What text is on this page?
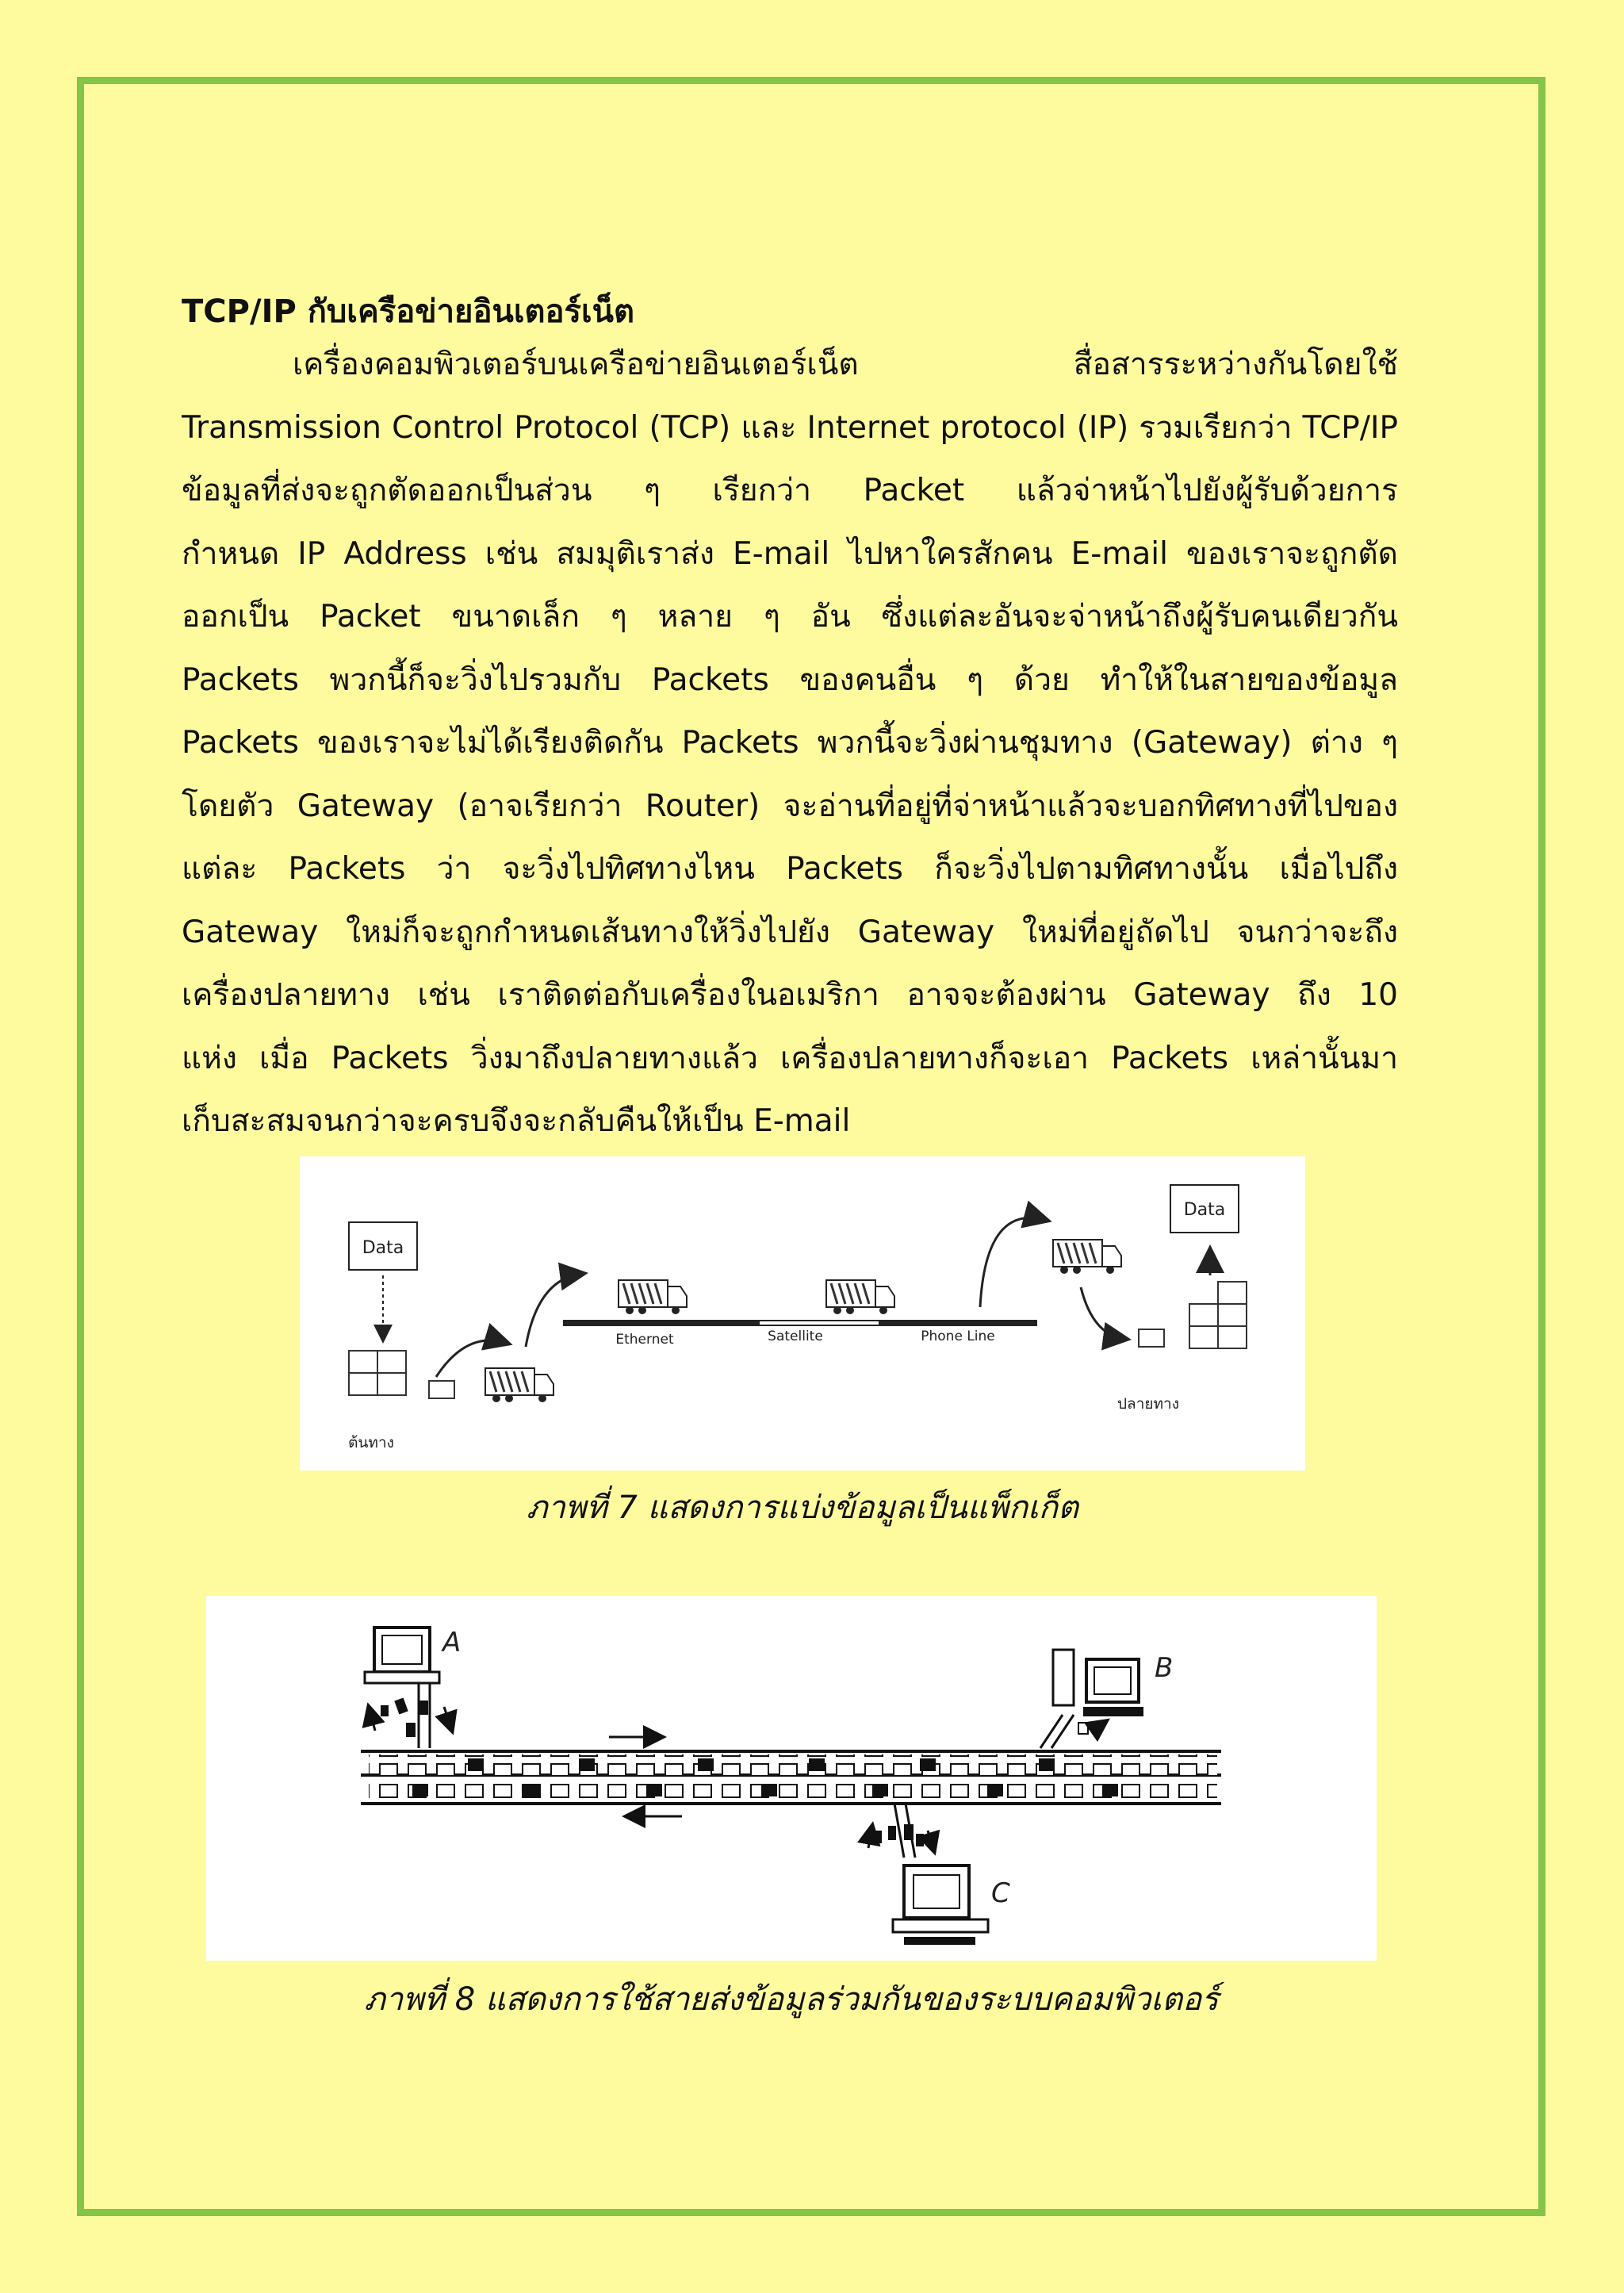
TCP/IP กับเครือข่ายอินเตอร์เน็ต
เครื่องคอมพิวเตอร์บนเครือข่ายอินเตอร์เน็ต สื่อสารระหว่างกันโดยใช้
Transmission Control Protocol (TCP) และ Internet protocol (IP) รวมเรียกว่า TCP/IP
ข้อมูลที่ส่งจะถูกตัดออกเป็นส่วน ๆ เรียกว่า Packet แล้วจ่าหน้าไปยังผู้รับด้วยการ
กำหนด IP Address เช่น สมมุติเราส่ง E-mail ไปหาใครสักคน E-mail ของเราจะถูกตัด
ออกเป็น Packet ขนาดเล็ก ๆ หลาย ๆ อัน ซึ่งแต่ละอันจะจ่าหน้าถึงผู้รับคนเดียวกัน
Packets พวกนี้ก็จะวิ่งไปรวมกับ Packets ของคนอื่น ๆ ด้วย ทำให้ในสายของข้อมูล
Packets ของเราจะไม่ได้เรียงติดกัน Packets พวกนี้จะวิ่งผ่านชุมทาง (Gateway) ต่าง ๆ
โดยตัว Gateway (อาจเรียกว่า Router) จะอ่านที่อยู่ที่จ่าหน้าแล้วจะบอกทิศทางที่ไปของ
แต่ละ Packets ว่า จะวิ่งไปทิศทางไหน Packets ก็จะวิ่งไปตามทิศทางนั้น เมื่อไปถึง
Gateway ใหม่ก็จะถูกกำหนดเส้นทางให้วิ่งไปยัง Gateway ใหม่ที่อยู่ถัดไป จนกว่าจะถึง
เครื่องปลายทาง เช่น เราติดต่อกับเครื่องในอเมริกา อาจจะต้องผ่าน Gateway ถึง 10
แห่ง เมื่อ Packets วิ่งมาถึงปลายทางแล้ว เครื่องปลายทางก็จะเอา Packets เหล่านั้นมา
เก็บสะสมจนกว่าจะครบจึงจะกลับคืนให้เป็น E-mail
Data
Ethernet	Satellite	Phone Line
Data
ต้นทาง
ปลายทาง
ภาพที่ 7 แสดงการแบ่งข้อมูลเป็นแพ็กเก็ต
A
B
C
ภาพที่ 8 แสดงการใช้สายส่งข้อมูลร่วมกันของระบบคอมพิวเตอร์
